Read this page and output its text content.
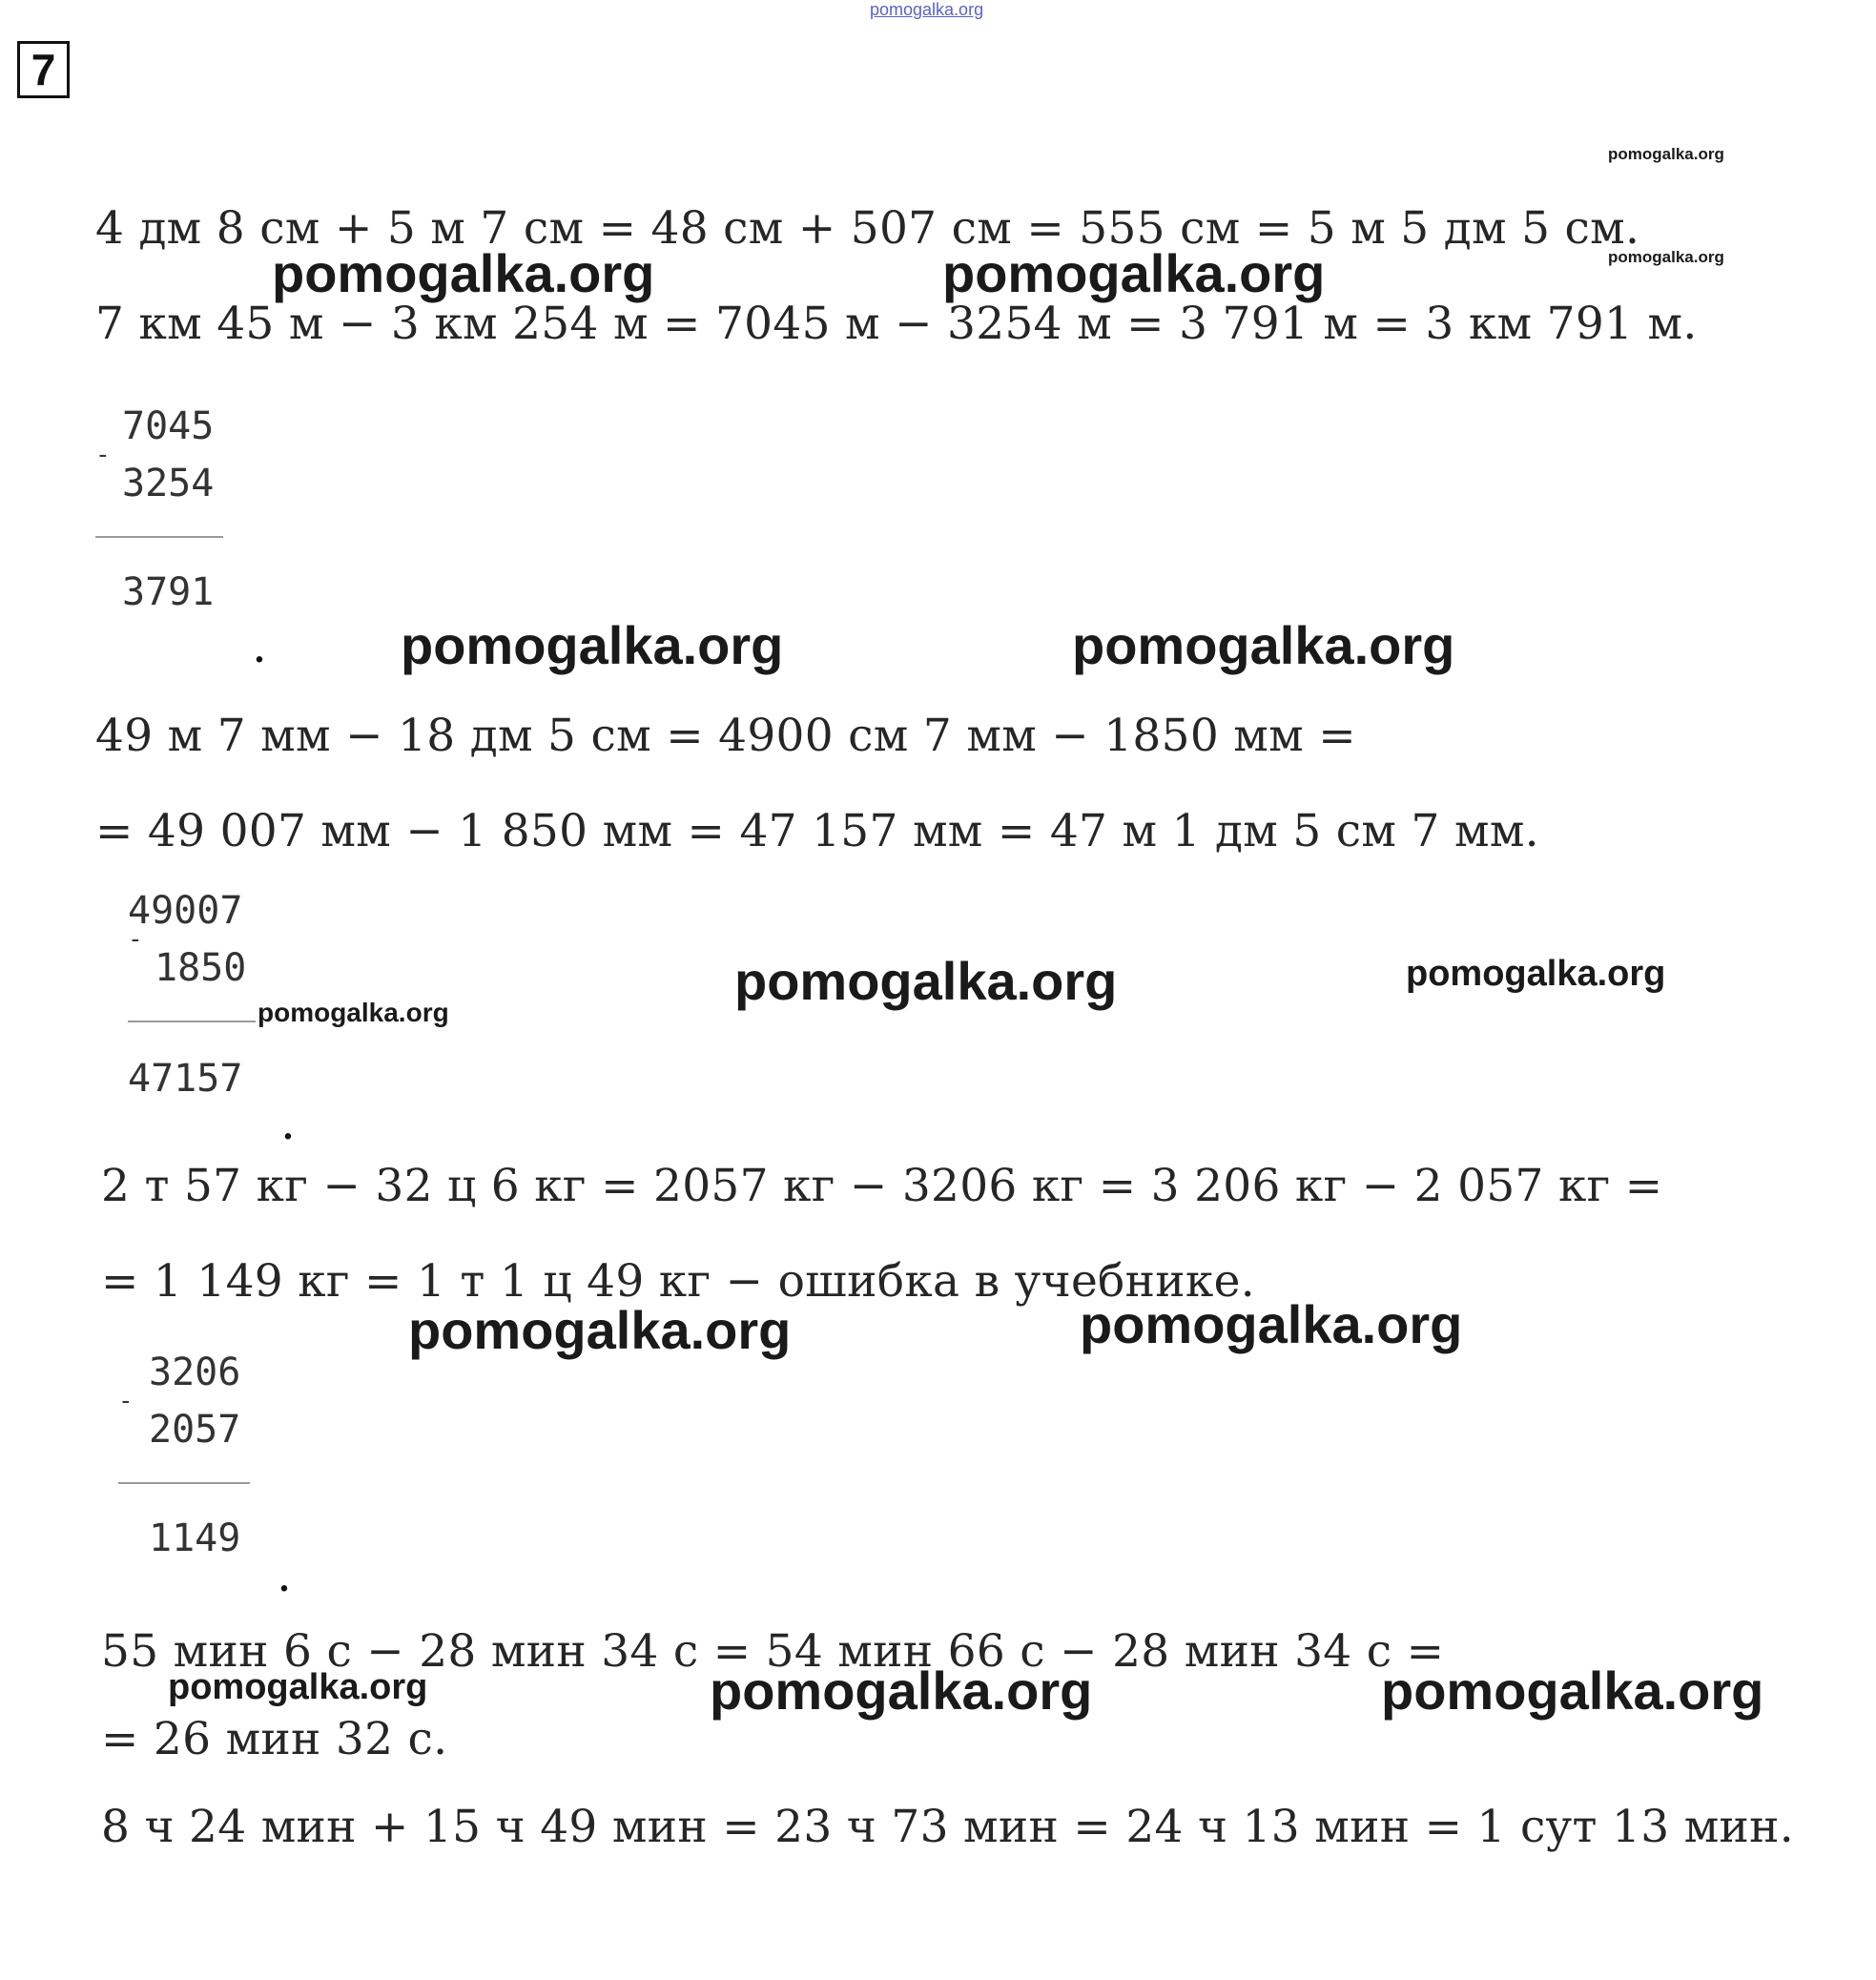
pomogalka.org
7
pomogalka.org
4 дм 8 см + 5 м 7 см = 48 см + 507 см = 555 см = 5 м 5 дм 5 см.
pomogalka.org
pomogalka.org	pomogalka.org
7 км 45 м − 3 км 254 м = 7045 м − 3254 м = 3 791 м = 3 км 791 м.
7045
-
3254
3791
.	pomogalka.org	pomogalka.org
49 м 7 мм − 18 дм 5 см = 4900 см 7 мм − 1850 мм =
= 49 007 мм − 1 850 мм = 47 157 мм = 47 м 1 дм 5 см 7 мм.
49007
-
1850
47157
.
pomogalka.org
pomogalka.org	pomogalka.org
2 т 57 кг − 32 ц 6 кг = 2057 кг − 3206 кг = 3 206 кг − 2 057 кг =
= 1 149 кг = 1 т 1 ц 49 кг − ошибка в учебнике.
pomogalka.org	pomogalka.org
3206
-
2057
1149
.
55 мин 6 с − 28 мин 34 с = 54 мин 66 с − 28 мин 34 с =
pomogalka.org	pomogalka.org	pomogalka.org
= 26 мин 32 с.
8 ч 24 мин + 15 ч 49 мин = 23 ч 73 мин = 24 ч 13 мин = 1 сут 13 мин.
